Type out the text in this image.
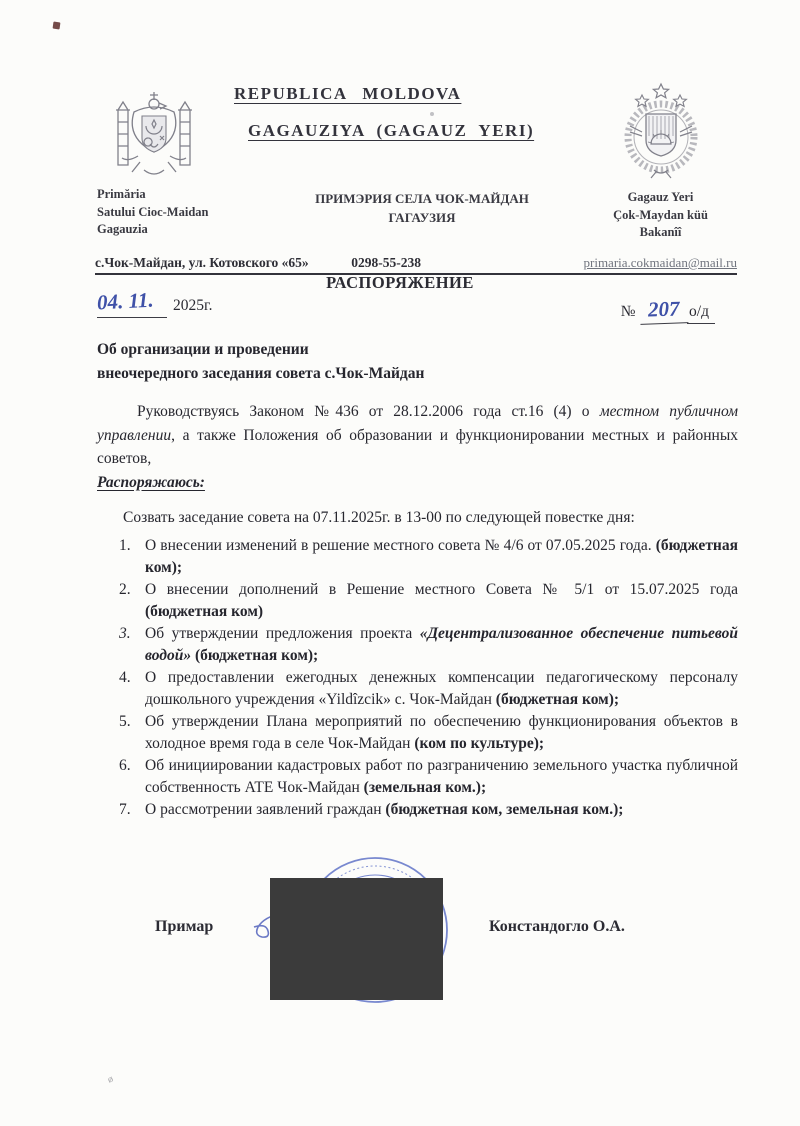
REPUBLICA MOLDOVA
GAGAUZIYA (GAGAUZ YERI)
Primăria
Satului Cioc-Maidan
Gagauzia
ПРИМЭРИЯ СЕЛА ЧОК-МАЙДАН
ГАГАУЗИЯ
Gagauz Yeri
Çok-Maydan küü
Bakanîî
с.Чок-Майдан, ул. Котовского «65»	0298-55-238	primaria.cokmaidan@mail.ru
РАСПОРЯЖЕНИЕ
04. 11. 2025г.	№ 207 о/д
Об организации и проведении
внеочередного заседания совета с.Чок-Майдан

Руководствуясь Законом №436 от 28.12.2006 года ст.16 (4) о местном публичном управлении, а также Положения об образовании и функционировании местных и районных советов,

Распоряжаюсь:

Созвать заседание совета на 07.11.2025г. в 13-00 по следующей повестке дня:

1. О внесении изменений в решение местного совета № 4/6 от 07.05.2025 года. (бюджетная ком);
2. О внесении дополнений в Решение местного Совета № 5/1 от 15.07.2025 года (бюджетная ком)
3. Об утверждении предложения проекта «Децентрализованное обеспечение питьевой водой» (бюджетная ком);
4. О предоставлении ежегодных денежных компенсации педагогическому персоналу дошкольного учреждения «Yildîzcik» с. Чок-Майдан (бюджетная ком);
5. Об утверждении Плана мероприятий по обеспечению функционирования объектов в холодное время года в селе Чок-Майдан (ком по культуре);
6. Об инициировании кадастровых работ по разграничению земельного участка публичной собственность АТЕ Чок-Майдан (земельная ком.);
7. О рассмотрении заявлений граждан (бюджетная ком, земельная ком.);
Примар	Констандогло О.А.
ø
